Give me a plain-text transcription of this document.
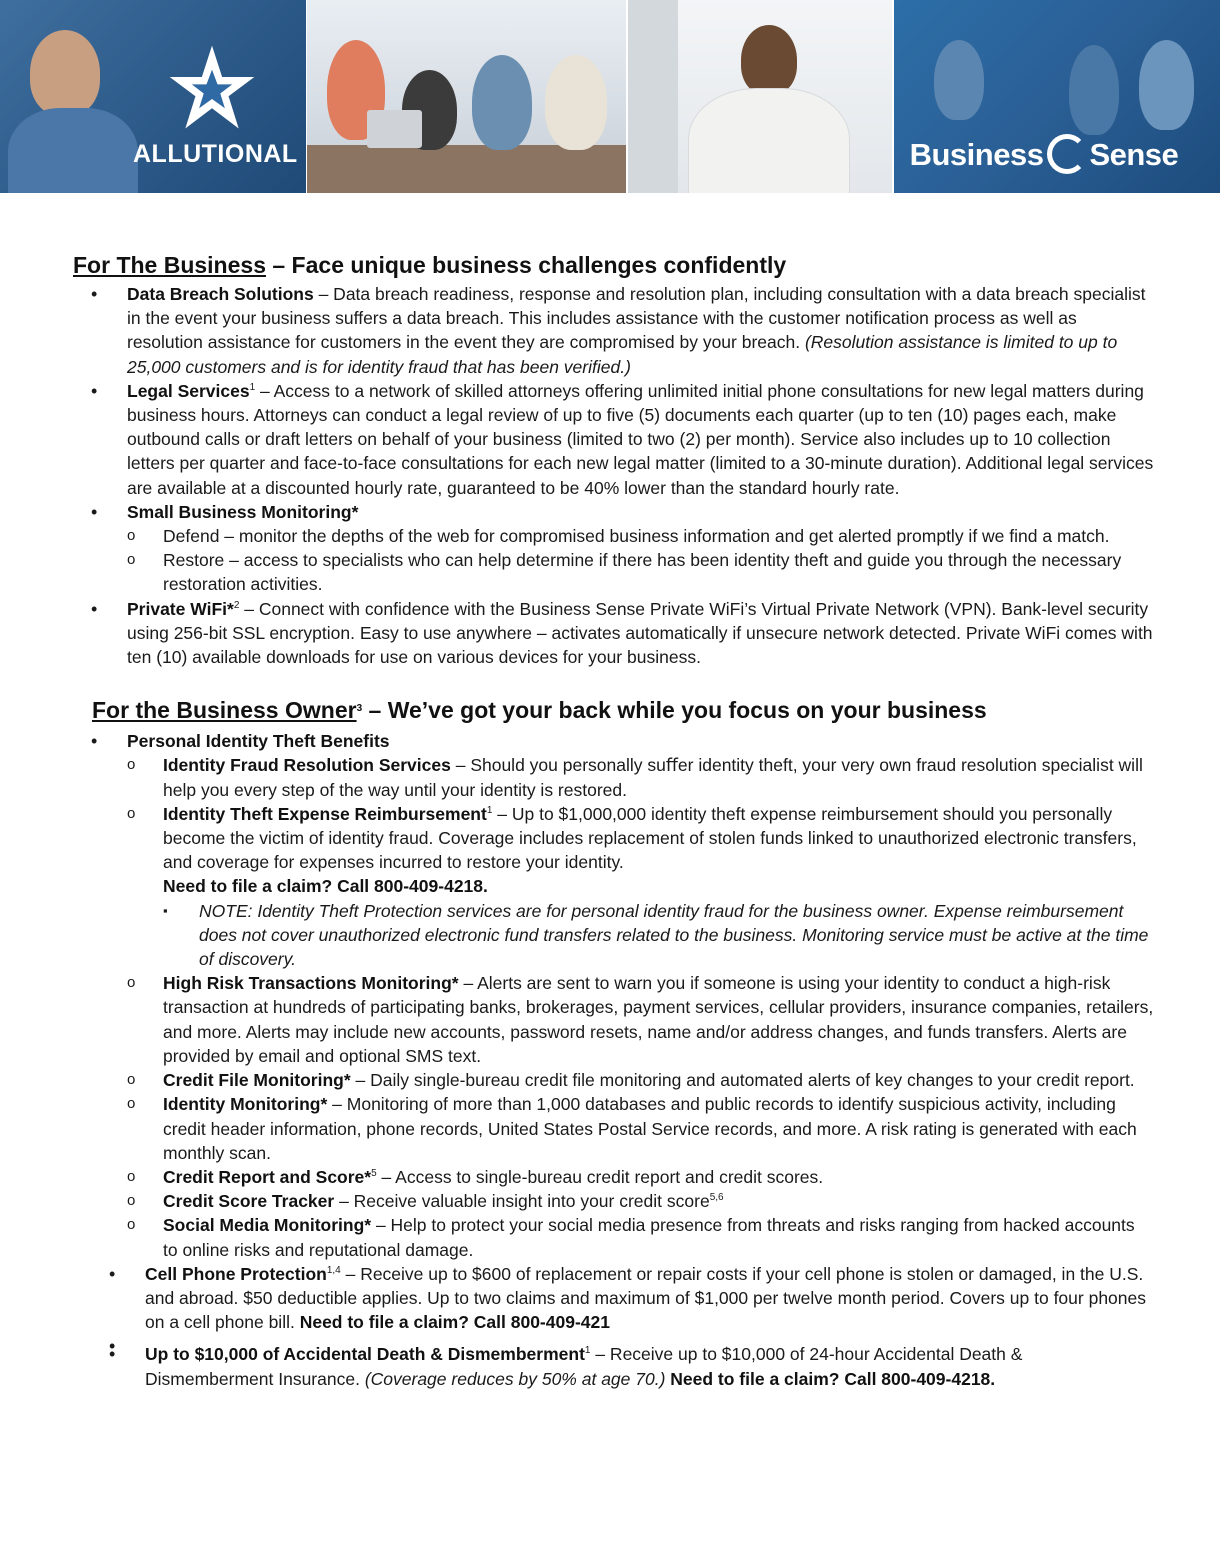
ALLUTIONAL	Business Sense
For The Business – Face unique business challenges confidently
• Data Breach Solutions – Data breach readiness, response and resolution plan, including consultation with a data breach specialist in the event your business suffers a data breach. This includes assistance with the customer notification process as well as resolution assistance for customers in the event they are compromised by your breach. (Resolution assistance is limited to up to 25,000 customers and is for identity fraud that has been verified.)
• Legal Services$^1$ – Access to a network of skilled attorneys offering unlimited initial phone consultations for new legal matters during business hours. Attorneys can conduct a legal review of up to five (5) documents each quarter (up to ten (10) pages each, make outbound calls or draft letters on behalf of your business (limited to two (2) per month). Service also includes up to 10 collection letters per quarter and face-to-face consultations for each new legal matter (limited to a 30-minute duration). Additional legal services are available at a discounted hourly rate, guaranteed to be 40% lower than the standard hourly rate.
• Small Business Monitoring*
o Defend – monitor the depths of the web for compromised business information and get alerted promptly if we find a match.
o Restore – access to specialists who can help determine if there has been identity theft and guide you through the necessary restoration activities.
• Private WiFi*$^2$ – Connect with confidence with the Business Sense Private WiFi’s Virtual Private Network (VPN). Bank-level security using 256-bit SSL encryption. Easy to use anywhere – activates automatically if unsecure network detected. Private WiFi comes with ten (10) available downloads for use on various devices for your business.
For the Business Owner$^3$ – We’ve got your back while you focus on your business
• Personal Identity Theft Benefits
o Identity Fraud Resolution Services – Should you personally suﬀer identity theft, your very own fraud resolution specialist will help you every step of the way until your identity is restored.
o Identity Theft Expense Reimbursement$^1$ – Up to $1,000,000 identity theft expense reimbursement should you personally become the victim of identity fraud. Coverage includes replacement of stolen funds linked to unauthorized electronic transfers, and coverage for expenses incurred to restore your identity.
Need to file a claim? Call 800-409-4218.
▪ NOTE: Identity Theft Protection services are for personal identity fraud for the business owner. Expense reimbursement does not cover unauthorized electronic fund transfers related to the business. Monitoring service must be active at the time of discovery.
o High Risk Transactions Monitoring* – Alerts are sent to warn you if someone is using your identity to conduct a high-risk transaction at hundreds of participating banks, brokerages, payment services, cellular providers, insurance companies, retailers, and more. Alerts may include new accounts, password resets, name and/or address changes, and funds transfers. Alerts are provided by email and optional SMS text.
o Credit File Monitoring* – Daily single-bureau credit file monitoring and automated alerts of key changes to your credit report.
o Identity Monitoring* – Monitoring of more than 1,000 databases and public records to identify suspicious activity, including credit header information, phone records, United States Postal Service records, and more. A risk rating is generated with each monthly scan.
o Credit Report and Score*$^5$ – Access to single-bureau credit report and credit scores.
o Credit Score Tracker – Receive valuable insight into your credit score$^{5,6}$
o Social Media Monitoring* – Help to protect your social media presence from threats and risks ranging from hacked accounts to online risks and reputational damage.
• Cell Phone Protection$^{1,4}$ – Receive up to $600 of replacement or repair costs if your cell phone is stolen or damaged, in the U.S. and abroad. $50 deductible applies. Up to two claims and maximum of $1,000 per twelve month period. Covers up to four phones on a cell phone bill. Need to file a claim? Call 800-409-421
•
• Up to $10,000 of Accidental Death & Dismemberment$^1$ – Receive up to $10,000 of 24-hour Accidental Death & Dismemberment Insurance. (Coverage reduces by 50% at age 70.) Need to file a claim? Call 800-409-4218.
